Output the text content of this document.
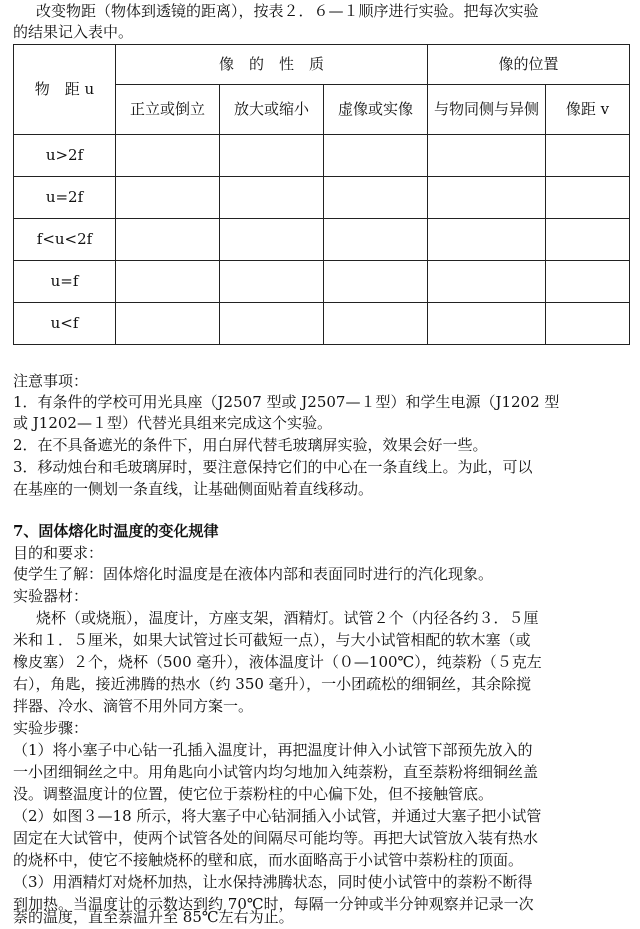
改变物距（物体到透镜的距离），按表２．６—１顺序进行实验。把每次实验
的结果记入表中。
物　距 u	像　的　性　质			像的位置	
	正立或倒立	放大或缩小	虚像或实像	与物同侧与异侧	像距 v
u>2f					
u=2f					
f<u<2f					
u=f					
u<f					
注意事项：
1．有条件的学校可用光具座（J2507 型或 J2507—１型）和学生电源（J1202 型
或 J1202—１型）代替光具组来完成这个实验。
2．在不具备遮光的条件下，用白屏代替毛玻璃屏实验，效果会好一些。
3．移动烛台和毛玻璃屏时，要注意保持它们的中心在一条直线上。为此，可以
在基座的一侧划一条直线，让基础侧面贴着直线移动。
7、固体熔化时温度的变化规律
目的和要求：
使学生了解：固体熔化时温度是在液体内部和表面同时进行的汽化现象。
实验器材：
烧杯（或烧瓶），温度计，方座支架，酒精灯。试管２个（内径各约３．５厘
米和１．５厘米，如果大试管过长可截短一点），与大小试管相配的软木塞（或
橡皮塞）２个，烧杯（500 毫升），液体温度计（０—100℃），纯萘粉（５克左
右），角匙，接近沸腾的热水（约 350 毫升），一小团疏松的细铜丝，其余除搅
拌器、冷水、滴管不用外同方案一。
实验步骤：
（1）将小塞子中心钻一孔插入温度计，再把温度计伸入小试管下部预先放入的
一小团细铜丝之中。用角匙向小试管内均匀地加入纯萘粉，直至萘粉将细铜丝盖
没。调整温度计的位置，使它位于萘粉柱的中心偏下处，但不接触管底。
（2）如图３—18 所示，将大塞子中心钻洞插入小试管，并通过大塞子把小试管
固定在大试管中，使两个试管各处的间隔尽可能均等。再把大试管放入装有热水
的烧杯中，使它不接触烧杯的壁和底，而水面略高于小试管中萘粉柱的顶面。
（3）用酒精灯对烧杯加热，让水保持沸腾状态，同时使小试管中的萘粉不断得
到加热。当温度计的示数达到约 70℃时，每隔一分钟或半分钟观察并记录一次
萘的温度，直至萘温升至 85℃左右为止。
